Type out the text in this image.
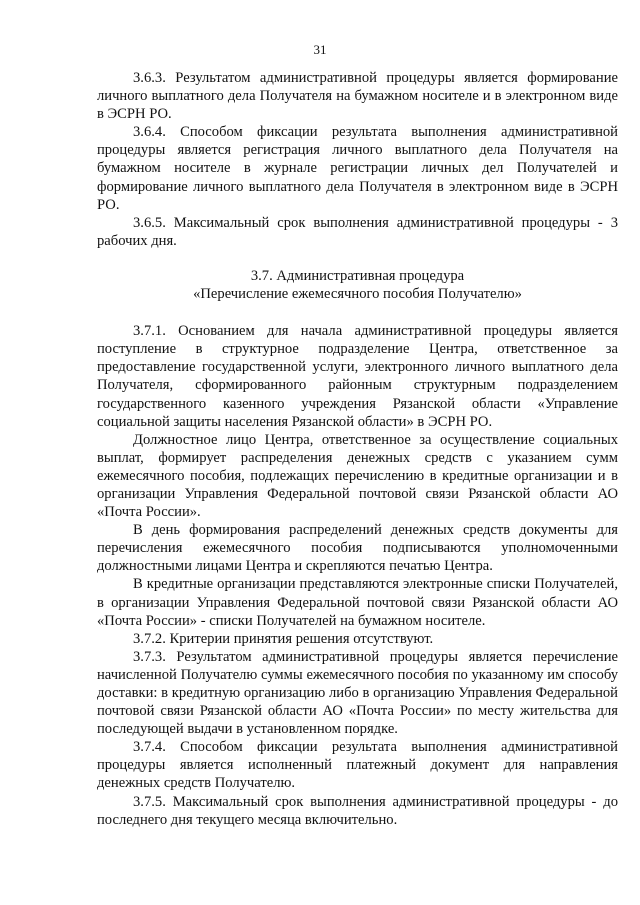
31

3.6.3. Результатом административной процедуры является формирование личного выплатного дела Получателя на бумажном носителе и в электронном виде в ЭСРН РО.

3.6.4. Способом фиксации результата выполнения административной процедуры является регистрация личного выплатного дела Получателя на бумажном носителе в журнале регистрации личных дел Получателей и формирование личного выплатного дела Получателя в электронном виде в ЭСРН РО.

3.6.5. Максимальный срок выполнения административной процедуры - 3 рабочих дня.

3.7. Административная процедура
«Перечисление ежемесячного пособия Получателю»

3.7.1. Основанием для начала административной процедуры является поступление в структурное подразделение Центра, ответственное за предоставление государственной услуги, электронного личного выплатного дела Получателя, сформированного районным структурным подразделением государственного казенного учреждения Рязанской области «Управление социальной защиты населения Рязанской области» в ЭСРН РО.

Должностное лицо Центра, ответственное за осуществление социальных выплат, формирует распределения денежных средств с указанием сумм ежемесячного пособия, подлежащих перечислению в кредитные организации и в организации Управления Федеральной почтовой связи Рязанской области АО «Почта России».

В день формирования распределений денежных средств документы для перечисления ежемесячного пособия подписываются уполномоченными должностными лицами Центра и скрепляются печатью Центра.

В кредитные организации представляются электронные списки Получателей, в организации Управления Федеральной почтовой связи Рязанской области АО «Почта России» - списки Получателей на бумажном носителе.

3.7.2. Критерии принятия решения отсутствуют.

3.7.3. Результатом административной процедуры является перечисление начисленной Получателю суммы ежемесячного пособия по указанному им способу доставки: в кредитную организацию либо в организацию Управления Федеральной почтовой связи Рязанской области АО «Почта России» по месту жительства для последующей выдачи в установленном порядке.

3.7.4. Способом фиксации результата выполнения административной процедуры является исполненный платежный документ для направления денежных средств Получателю.

3.7.5. Максимальный срок выполнения административной процедуры - до последнего дня текущего месяца включительно.
